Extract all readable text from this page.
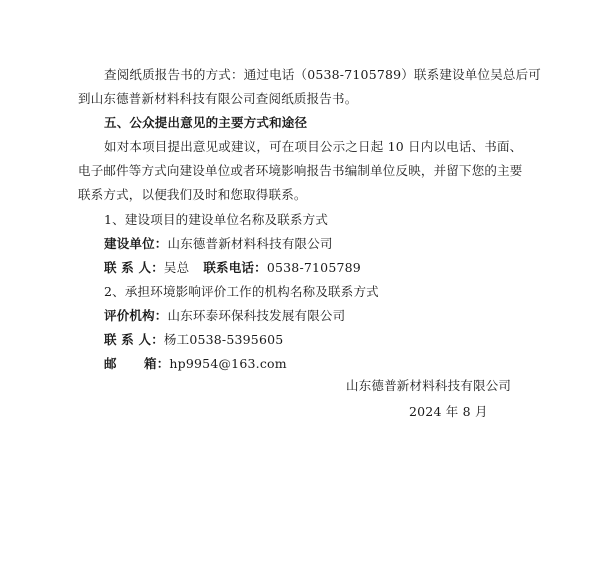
查阅纸质报告书的方式：通过电话（0538-7105789）联系建设单位吴总后可
到山东德普新材料科技有限公司查阅纸质报告书。
五、公众提出意见的主要方式和途径
如对本项目提出意见或建议，可在项目公示之日起 10 日内以电话、书面、
电子邮件等方式向建设单位或者环境影响报告书编制单位反映，并留下您的主要
联系方式，以便我们及时和您取得联系。
1、建设项目的建设单位名称及联系方式
建设单位：山东德普新材料科技有限公司
联 系 人：吴总 联系电话：0538-7105789
2、承担环境影响评价工作的机构名称及联系方式
评价机构：山东环泰环保科技发展有限公司
联 系 人：杨工0538-5395605
邮      箱：hp9954@163.com
山东德普新材料科技有限公司
2024 年 8 月
